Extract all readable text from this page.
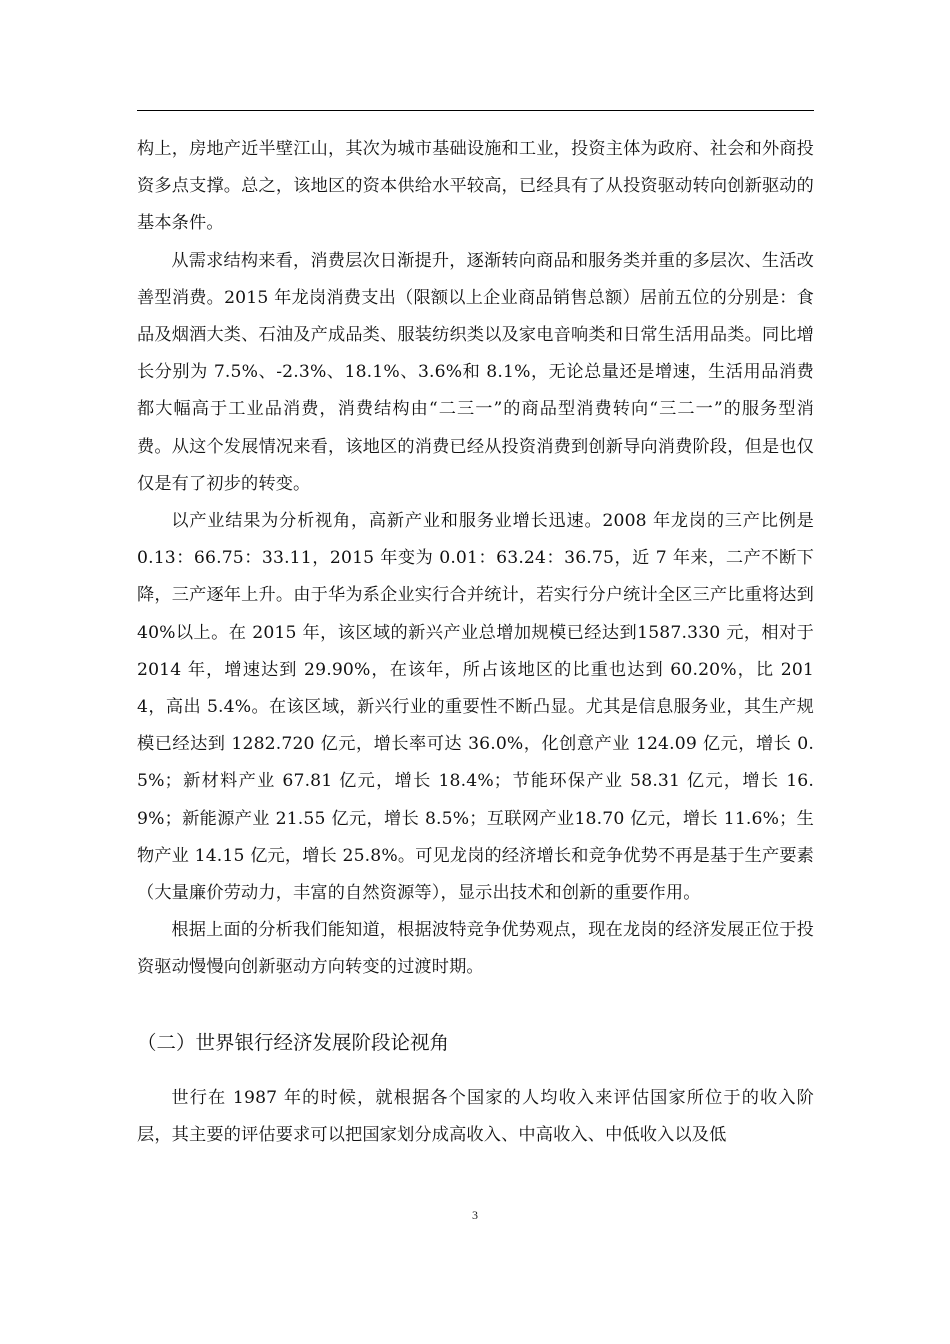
构上，房地产近半壁江山，其次为城市基础设施和工业，投资主体为政府、社会和外商投资多点支撑。总之，该地区的资本供给水平较高，已经具有了从投资驱动转向创新驱动的基本条件。

从需求结构来看，消费层次日渐提升，逐渐转向商品和服务类并重的多层次、生活改善型消费。2015 年龙岗消费支出（限额以上企业商品销售总额）居前五位的分别是：食品及烟酒大类、石油及产成品类、服装纺织类以及家电音响类和日常生活用品类。同比增长分别为 7.5%、-2.3%、18.1%、3.6%和 8.1%，无论总量还是增速，生活用品消费都大幅高于工业品消费，消费结构由“二三一”的商品型消费转向“三二一”的服务型消费。从这个发展情况来看，该地区的消费已经从投资消费到创新导向消费阶段，但是也仅仅是有了初步的转变。

以产业结果为分析视角，高新产业和服务业增长迅速。2008 年龙岗的三产比例是 0.13：66.75：33.11，2015 年变为 0.01：63.24：36.75，近 7 年来，二产不断下降，三产逐年上升。由于华为系企业实行合并统计，若实行分户统计全区三产比重将达到 40%以上。在 2015 年，该区域的新兴产业总增加规模已经达到1587.330 元，相对于 2014 年，增速达到 29.90%，在该年，所占该地区的比重也达到 60.20%，比 2014，高出 5.4%。在该区域，新兴行业的重要性不断凸显。尤其是信息服务业，其生产规模已经达到 1282.720 亿元，增长率可达 36.0%，化创意产业 124.09 亿元，增长 0.5%；新材料产业 67.81 亿元，增长 18.4%；节能环保产业 58.31 亿元，增长 16.9%；新能源产业 21.55 亿元，增长 8.5%；互联网产业18.70 亿元，增长 11.6%；生物产业 14.15 亿元，增长 25.8%。可见龙岗的经济增长和竞争优势不再是基于生产要素（大量廉价劳动力，丰富的自然资源等），显示出技术和创新的重要作用。

根据上面的分析我们能知道，根据波特竞争优势观点，现在龙岗的经济发展正位于投资驱动慢慢向创新驱动方向转变的过渡时期。

（二）世界银行经济发展阶段论视角

世行在 1987 年的时候，就根据各个国家的人均收入来评估国家所位于的收入阶层，其主要的评估要求可以把国家划分成高收入、中高收入、中低收入以及低

3
